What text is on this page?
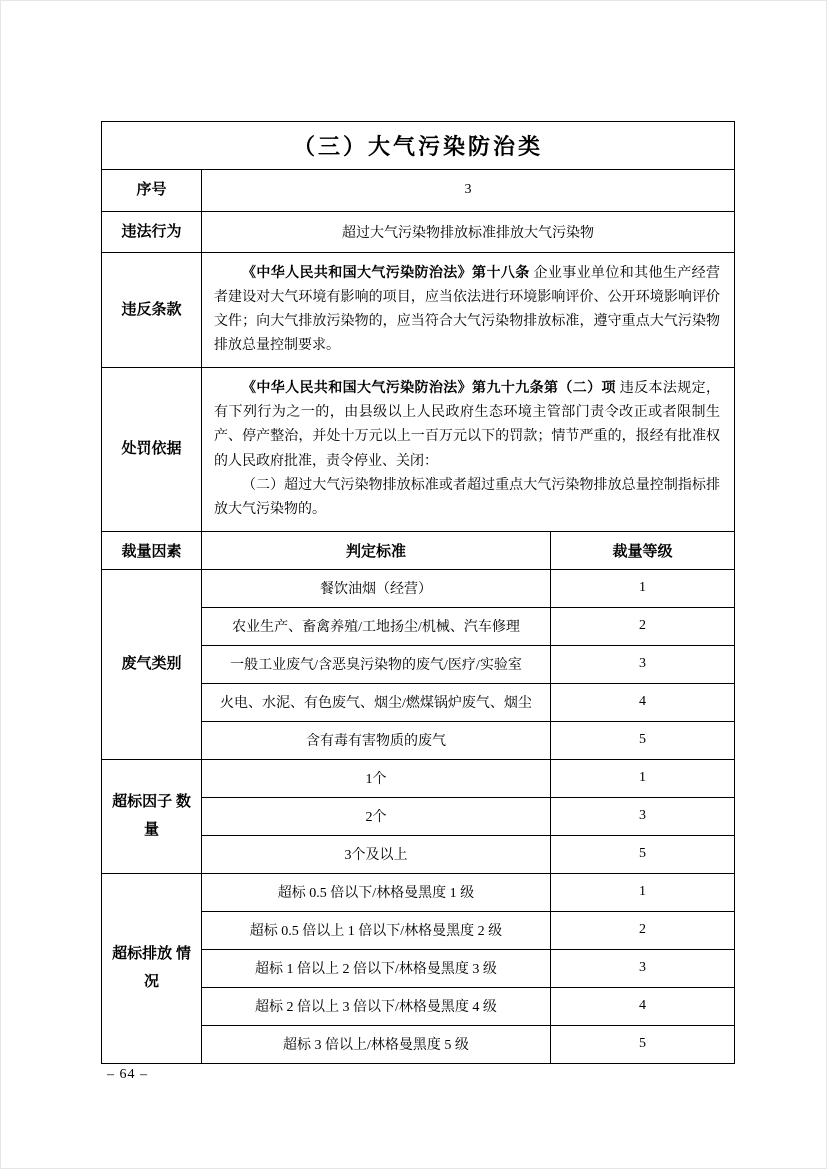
（三）大气污染防治类		
序号	3	
违法行为	超过大气污染物排放标准排放大气污染物	
违反条款	《中华人民共和国大气污染防治法》第十八条 企业事业单位和其他生产经营者建设对大气环境有影响的项目，应当依法进行环境影响评价、公开环境影响评价文件；向大气排放污染物的，应当符合大气污染物排放标准，遵守重点大气污染物排放总量控制要求。	

处罚依据	《中华人民共和国大气污染防治法》第九十九条第（二）项 违反本法规定，有下列行为之一的，由县级以上人民政府生态环境主管部门责令改正或者限制生产、停产整治，并处十万元以上一百万元以下的罚款；情节严重的，报经有批准权的人民政府批准，责令停业、关闭：

（二）超过大气污染物排放标准或者超过重点大气污染物排放总量控制指标排放大气污染物的。	

裁量因素	判定标准	裁量等级
废气类别	餐饮油烟（经营）	1
	农业生产、畜禽养殖/工地扬尘/机械、汽车修理	2
	一般工业废气/含恶臭污染物的废气/医疗/实验室	3
	火电、水泥、有色废气、烟尘/燃煤锅炉废气、烟尘	4
	含有毒有害物质的废气	5
超标因子 数量	1个	1
	2个	3
	3个及以上	5
超标排放 情况	超标 0.5 倍以下/林格曼黑度 1 级	1
	超标 0.5 倍以上 1 倍以下/林格曼黑度 2 级	2
	超标 1 倍以上 2 倍以下/林格曼黑度 3 级	3
	超标 2 倍以上 3 倍以下/林格曼黑度 4 级	4
	超标 3 倍以上/林格曼黑度 5 级	5
– 64 –
